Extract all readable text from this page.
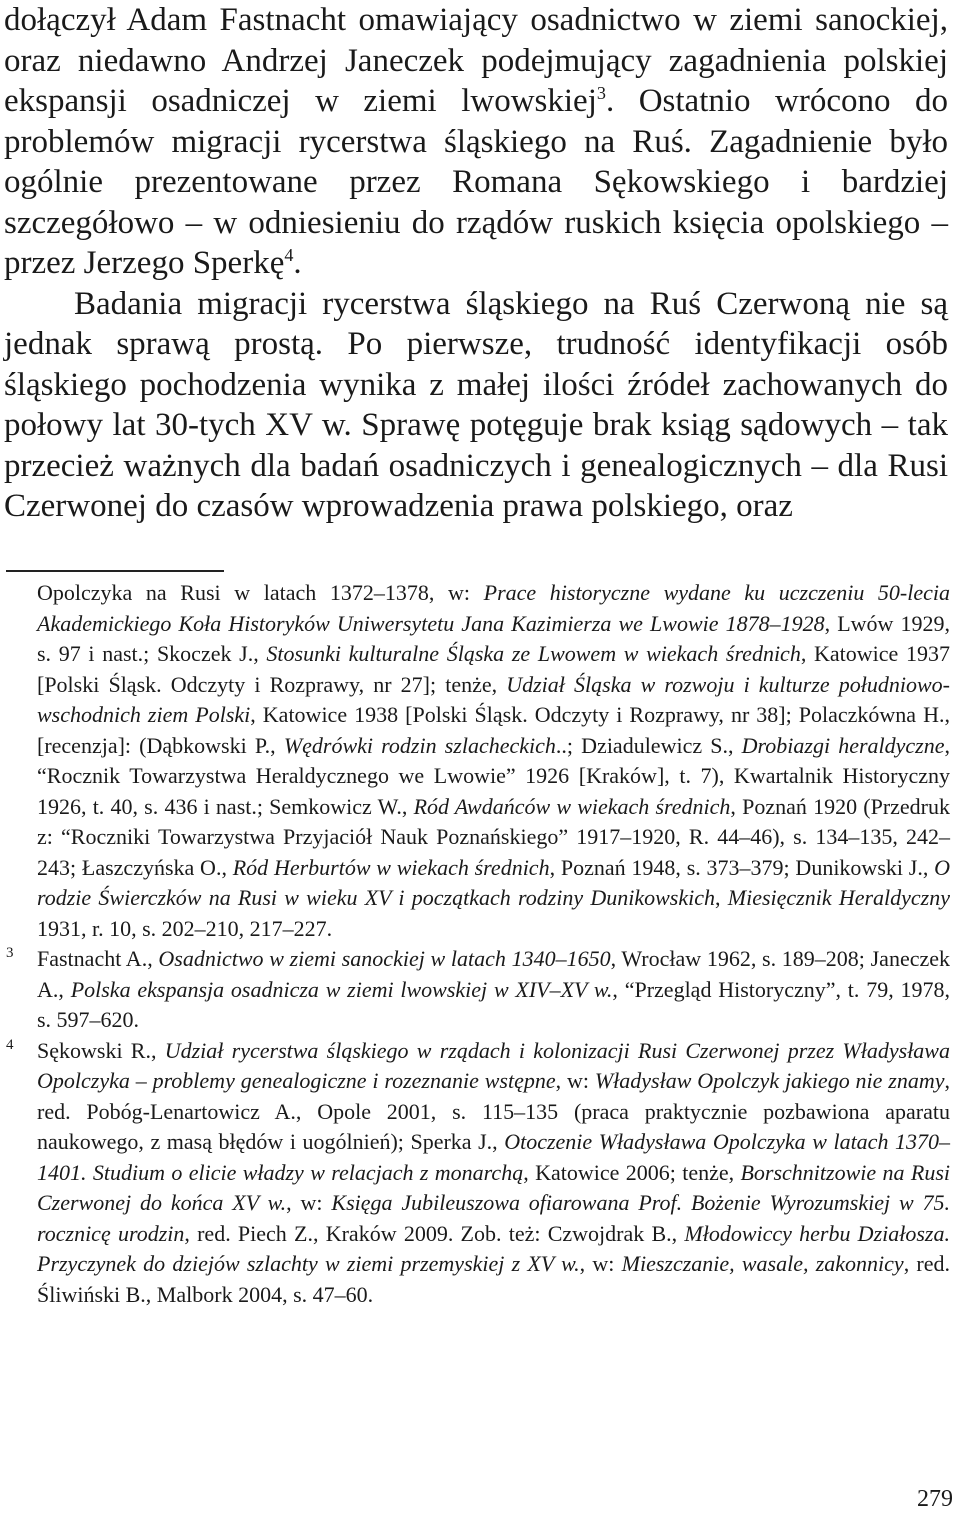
dołączył Adam Fastnacht omawiający osadnictwo w ziemi sanockiej, oraz niedawno Andrzej Janeczek podejmujący zagadnienia polskiej ekspansji osadniczej w ziemi lwowskiej$^3$. Ostatnio wrócono do problemów migracji rycerstwa śląskiego na Ruś. Zagadnienie było ogólnie prezentowane przez Romana Sękowskiego i bardziej szczegółowo – w odniesieniu do rządów ruskich księcia opolskiego – przez Jerzego Sperkę$^4$.

Badania migracji rycerstwa śląskiego na Ruś Czerwoną nie są jednak sprawą prostą. Po pierwsze, trudność identyfikacji osób śląskiego pochodzenia wynika z małej ilości źródeł zachowanych do połowy lat 30-tych XV w. Sprawę potęguje brak ksiąg sądowych – tak przecież ważnych dla badań osadniczych i genealogicznych – dla Rusi Czerwonej do czasów wprowadzenia prawa polskiego, oraz

Opolczyka na Rusi w latach 1372–1378, w: Prace historyczne wydane ku uczczeniu 50-lecia Akademickiego Koła Historyków Uniwersytetu Jana Kazimierza we Lwowie 1878–1928, Lwów 1929, s. 97 i nast.; Skoczek J., Stosunki kulturalne Śląska ze Lwowem w wiekach średnich, Katowice 1937 [Polski Śląsk. Odczyty i Rozprawy, nr 27]; tenże, Udział Śląska w rozwoju i kulturze południowo-wschodnich ziem Polski, Katowice 1938 [Polski Śląsk. Odczyty i Rozprawy, nr 38]; Polaczkówna H., [recenzja]: (Dąbkowski P., Wędrówki rodzin szlacheckich..; Dziadulewicz S., Drobiazgi heraldyczne, “Rocznik Towarzystwa Heraldycznego we Lwowie” 1926 [Kraków], t. 7), Kwartalnik Historyczny 1926, t. 40, s. 436 i nast.; Semkowicz W., Ród Awdańców w wiekach średnich, Poznań 1920 (Przedruk z: “Roczniki Towarzystwa Przyjaciół Nauk Poznańskiego” 1917–1920, R. 44–46), s. 134–135, 242–243; Łaszczyńska O., Ród Herburtów w wiekach średnich, Poznań 1948, s. 373–379; Dunikowski J., O rodzie Świerczków na Rusi w wieku XV i początkach rodziny Dunikowskich, Miesięcznik Heraldyczny 1931, r. 10, s. 202–210, 217–227.
3 Fastnacht A., Osadnictwo w ziemi sanockiej w latach 1340–1650, Wrocław 1962, s. 189–208; Janeczek A., Polska ekspansja osadnicza w ziemi lwowskiej w XIV–XV w., “Przegląd Historyczny”, t. 79, 1978, s. 597–620.
4 Sękowski R., Udział rycerstwa śląskiego w rządach i kolonizacji Rusi Czerwonej przez Władysława Opolczyka – problemy genealogiczne i rozeznanie wstępne, w: Władysław Opolczyk jakiego nie znamy, red. Pobóg-Lenartowicz A., Opole 2001, s. 115–135 (praca praktycznie pozbawiona aparatu naukowego, z masą błędów i uogólnień); Sperka J., Otoczenie Władysława Opolczyka w latach 1370–1401. Studium o elicie władzy w relacjach z monarchą, Katowice 2006; tenże, Borschnitzowie na Rusi Czerwonej do końca XV w., w: Księga Jubileuszowa ofiarowana Prof. Bożenie Wyrozumskiej w 75. rocznicę urodzin, red. Piech Z., Kraków 2009. Zob. też: Czwojdrak B., Młodowiccy herbu Działosza. Przyczynek do dziejów szlachty w ziemi przemyskiej z XV w., w: Mieszczanie, wasale, zakonnicy, red. Śliwiński B., Malbork 2004, s. 47–60.
279
